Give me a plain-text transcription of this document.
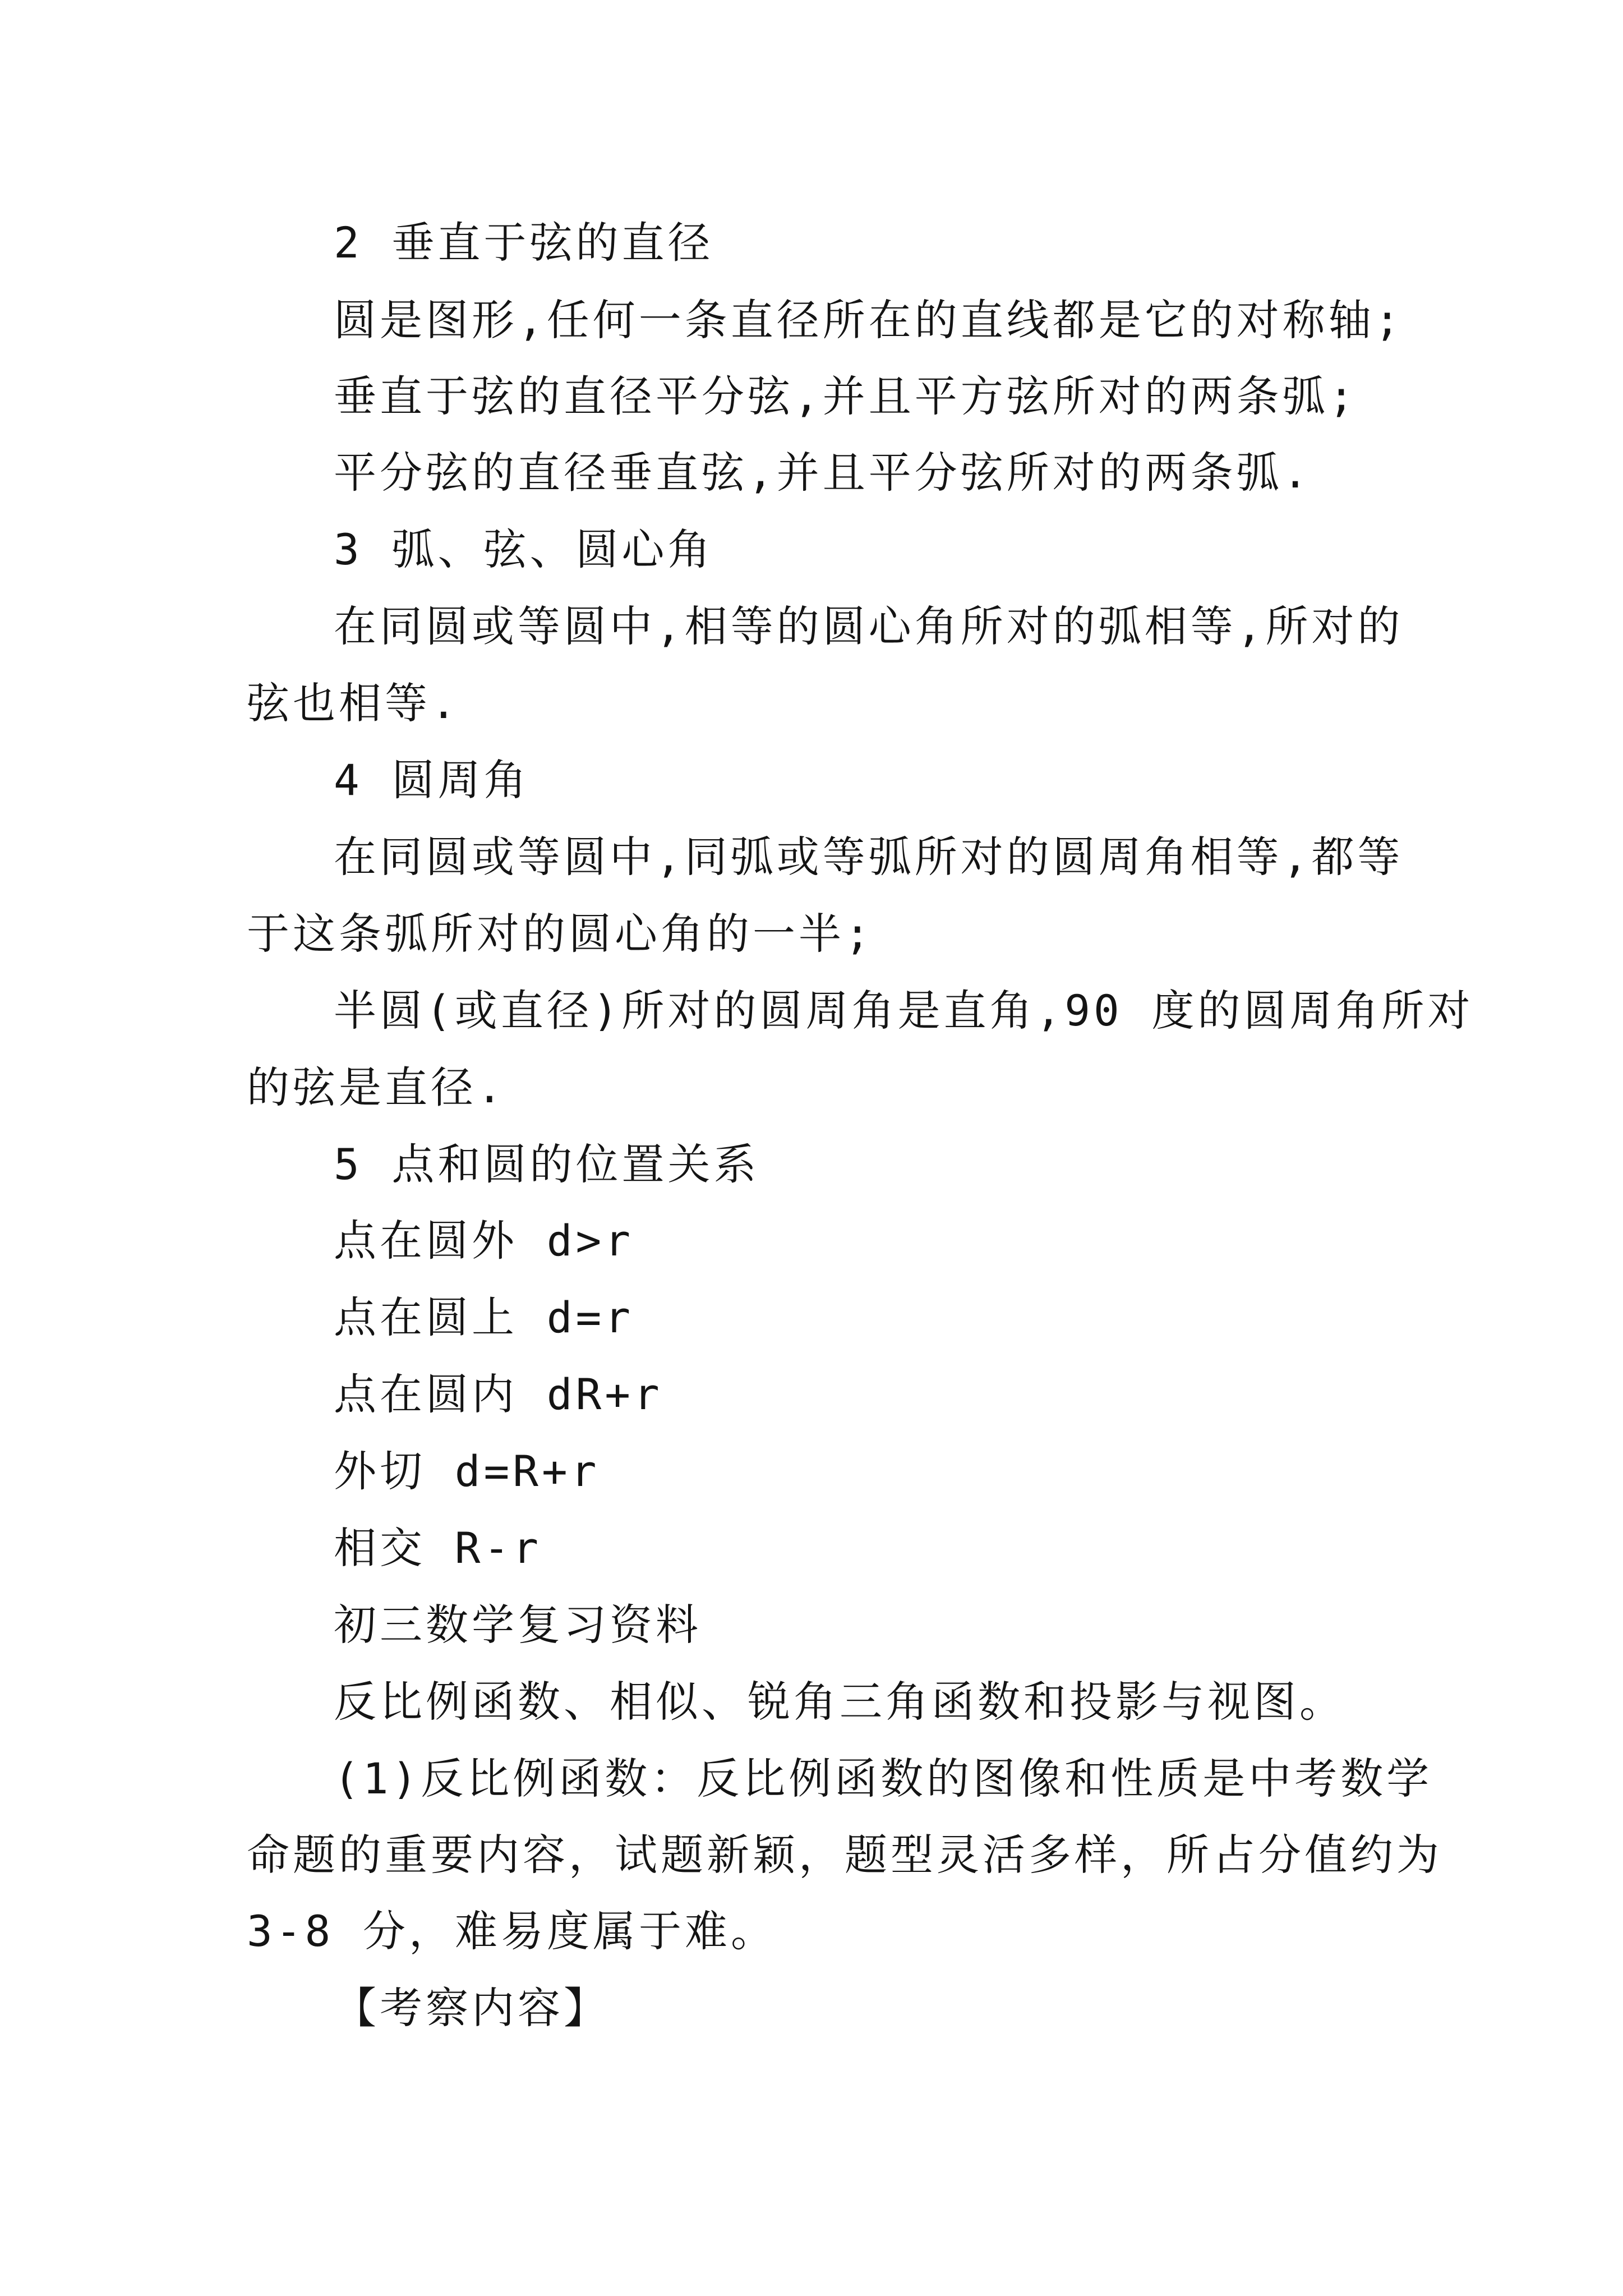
2 垂直于弦的直径
圆是图形,任何一条直径所在的直线都是它的对称轴;
垂直于弦的直径平分弦,并且平方弦所对的两条弧;
平分弦的直径垂直弦,并且平分弦所对的两条弧.
3 弧、弦、圆心角
在同圆或等圆中,相等的圆心角所对的弧相等,所对的
弦也相等.
4 圆周角
在同圆或等圆中,同弧或等弧所对的圆周角相等,都等
于这条弧所对的圆心角的一半;
半圆(或直径)所对的圆周角是直角,90 度的圆周角所对
的弦是直径.
5 点和圆的位置关系
点在圆外 d>r
点在圆上 d=r
点在圆内 dR+r
外切 d=R+r
相交 R-r
初三数学复习资料
反比例函数、相似、锐角三角函数和投影与视图。
(1)反比例函数：反比例函数的图像和性质是中考数学
命题的重要内容，试题新颖，题型灵活多样，所占分值约为
3-8 分，难易度属于难。
【考察内容】
